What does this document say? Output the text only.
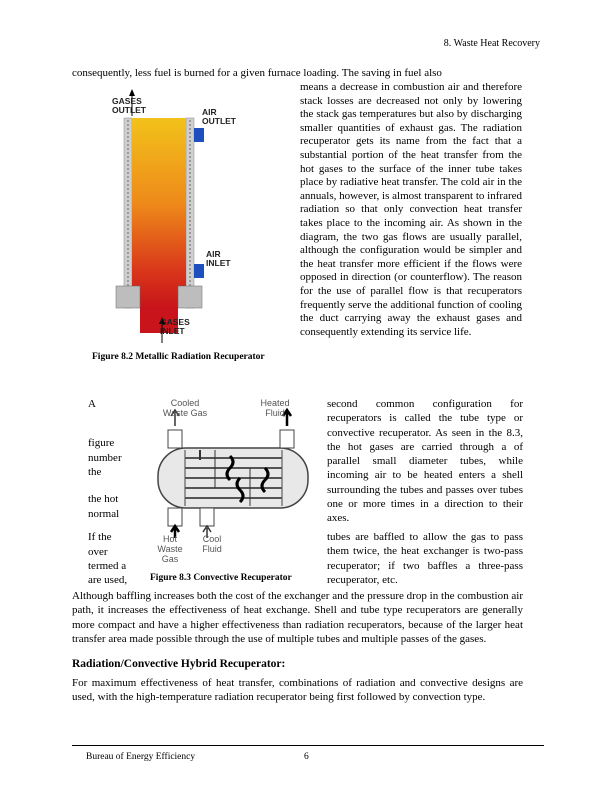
8. Waste Heat Recovery
consequently, less fuel is burned for a given furnace loading. The saving in fuel also
GASES OUTLET	AIR OUTLET
AIR INLET
GASES INLET
Figure 8.2 Metallic Radiation Recuperator
means a decrease in combustion air and therefore stack losses are decreased not only by lowering the stack gas temperatures but also by discharging smaller quantities of exhaust gas. The radiation recuperator gets its name from the fact that a substantial portion of the heat transfer from the hot gases to the surface of the inner tube takes place by radiative heat transfer. The cold air in the annuals, however, is almost transparent to infrared radiation so that only convection heat transfer takes place to the incoming air. As shown in the diagram, the two gas flows are usually parallel, although the configuration would be simpler and the heat transfer more efficient if the flows were opposed in direction (or counterflow). The reason for the use of parallel flow is that recuperators frequently serve the additional function of cooling the duct carrying away the exhaust gases and consequently extending its service life.
A
figure
number
the
the hot
normal
If the
over
termed a
are used,
Cooled Waste Gas
Heated Fluid
Hot Waste Gas
Cool Fluid
Figure 8.3 Convective Recuperator
second common configuration for recuperators is called the tube type or convective recuperator. As seen in the 8.3, the hot gases are carried through a of parallel small diameter tubes, while incoming air to be heated enters a shell surrounding the tubes and passes over tubes one or more times in a direction to their axes.
tubes are baffled to allow the gas to pass them twice, the heat exchanger is two-pass recuperator; if two baffles a three-pass recuperator, etc.
Although baffling increases both the cost of the exchanger and the pressure drop in the combustion air path, it increases the effectiveness of heat exchange. Shell and tube type recuperators are generally more compact and have a higher effectiveness than radiation recuperators, because of the larger heat transfer area made possible through the use of multiple tubes and multiple passes of the gases.
Radiation/Convective Hybrid Recuperator:
For maximum effectiveness of heat transfer, combinations of radiation and convective designs are used, with the high-temperature radiation recuperator being first followed by convection type.
Bureau of Energy Efficiency	6
